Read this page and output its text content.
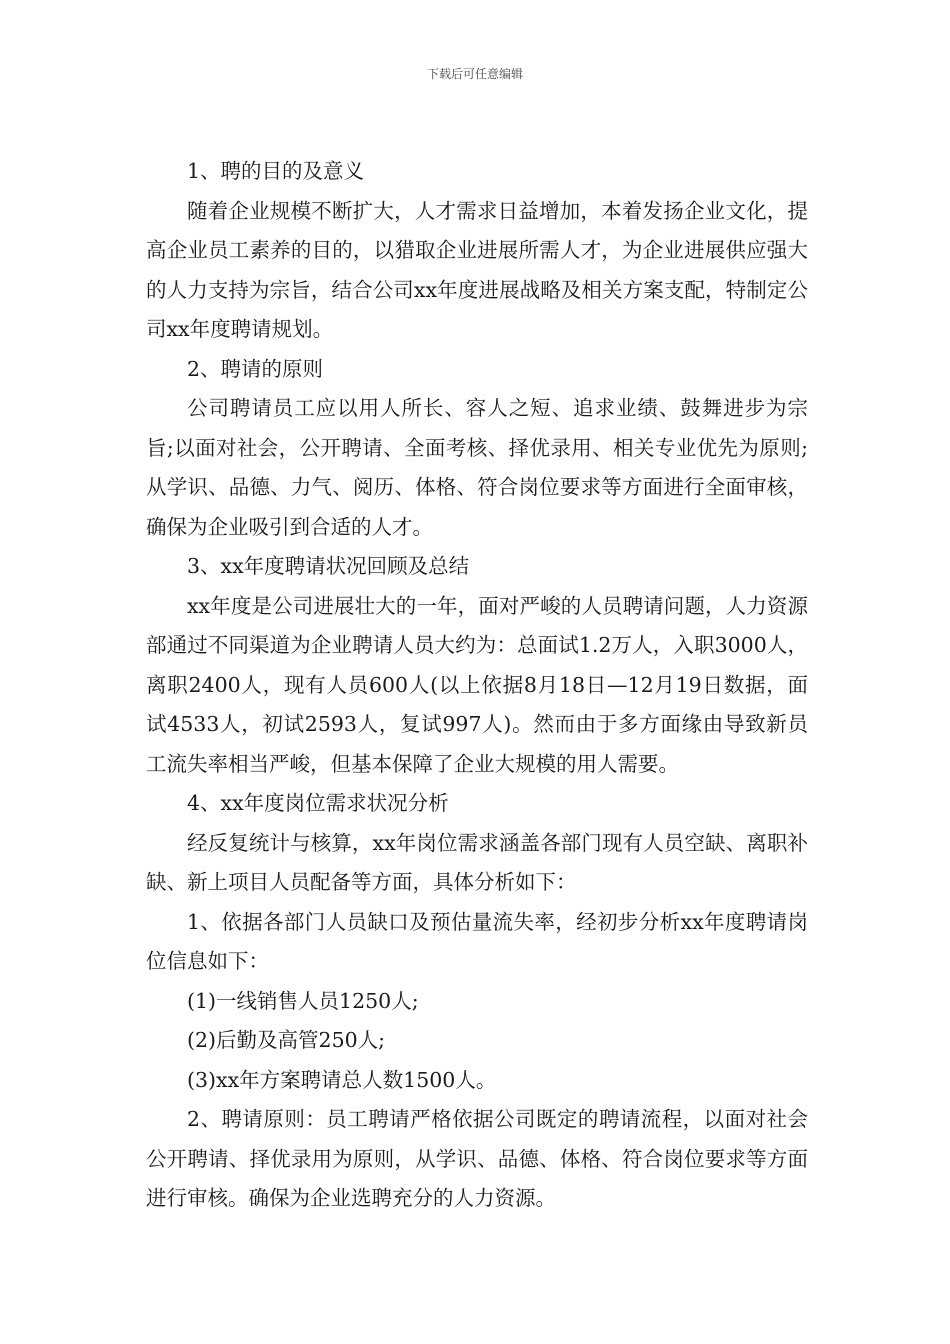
下载后可任意编辑

1、聘的目的及意义

随着企业规模不断扩大，人才需求日益增加，本着发扬企业文化，提高企业员工素养的目的，以猎取企业进展所需人才，为企业进展供应强大的人力支持为宗旨，结合公司xx年度进展战略及相关方案支配，特制定公司xx年度聘请规划。

2、聘请的原则

公司聘请员工应以用人所长、容人之短、追求业绩、鼓舞进步为宗旨;以面对社会，公开聘请、全面考核、择优录用、相关专业优先为原则;从学识、品德、力气、阅历、体格、符合岗位要求等方面进行全面审核，确保为企业吸引到合适的人才。

3、xx年度聘请状况回顾及总结

xx年度是公司进展壮大的一年，面对严峻的人员聘请问题，人力资源部通过不同渠道为企业聘请人员大约为：总面试1.2万人，入职3000人，离职2400人，现有人员600人(以上依据8月18日—12月19日数据，面试4533人，初试2593人，复试997人)。然而由于多方面缘由导致新员工流失率相当严峻，但基本保障了企业大规模的用人需要。

4、xx年度岗位需求状况分析

经反复统计与核算，xx年岗位需求涵盖各部门现有人员空缺、离职补缺、新上项目人员配备等方面，具体分析如下：

1、依据各部门人员缺口及预估量流失率，经初步分析xx年度聘请岗位信息如下：

(1)一线销售人员1250人;

(2)后勤及高管250人;

(3)xx年方案聘请总人数1500人。

2、聘请原则：员工聘请严格依据公司既定的聘请流程，以面对社会公开聘请、择优录用为原则，从学识、品德、体格、符合岗位要求等方面进行审核。确保为企业选聘充分的人力资源。
